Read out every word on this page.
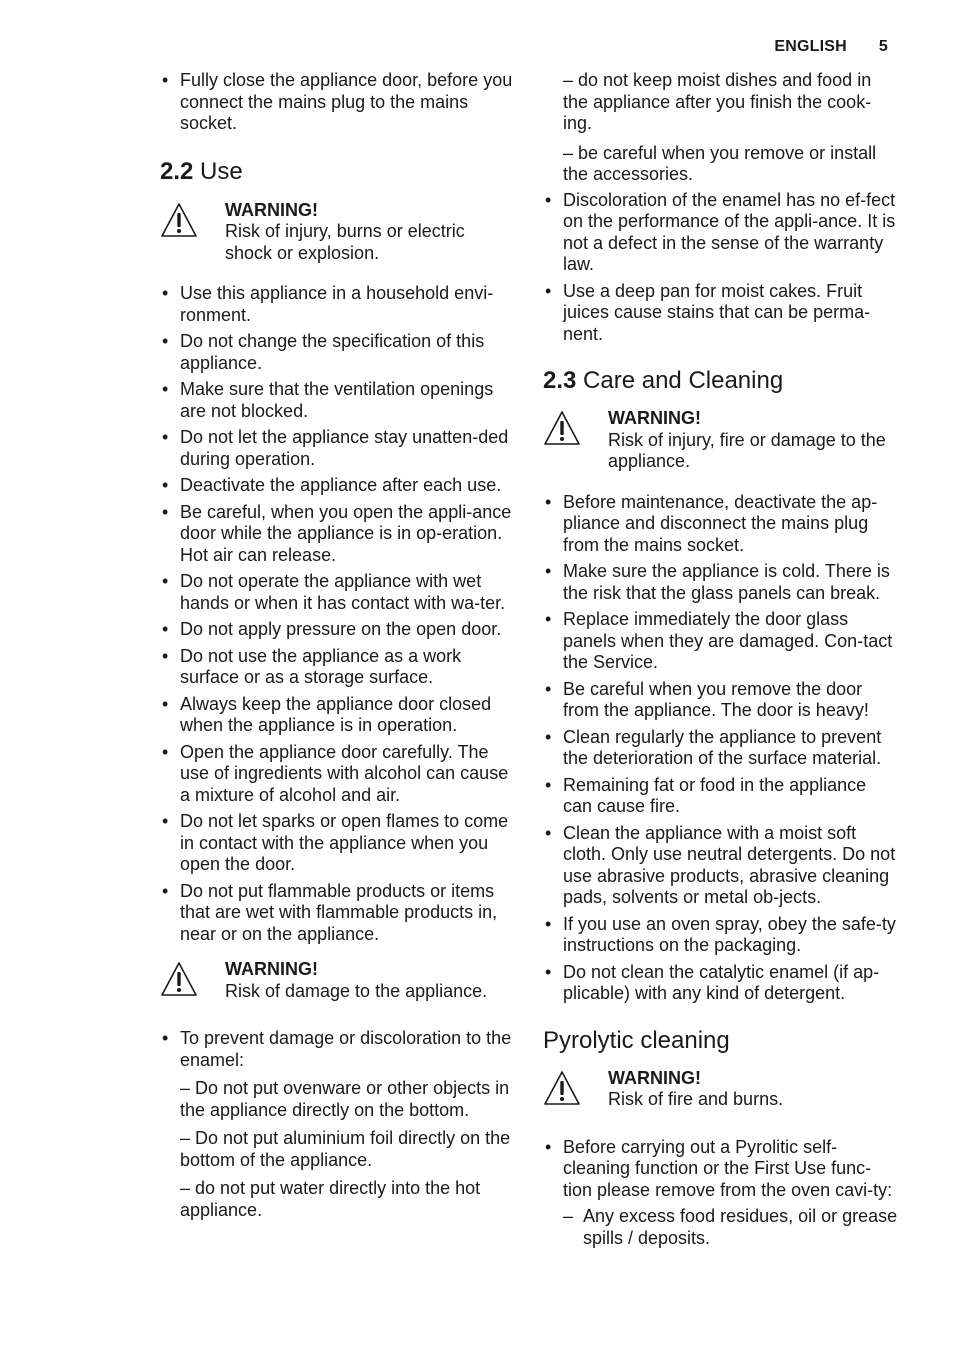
ENGLISH 5
• Fully close the appliance door, before you connect the mains plug to the mains socket.
2.2 Use
WARNING!
Risk of injury, burns or electric shock or explosion.
• Use this appliance in a household envi-ronment.
• Do not change the specification of this appliance.
• Make sure that the ventilation openings are not blocked.
• Do not let the appliance stay unatten-ded during operation.
• Deactivate the appliance after each use.
• Be careful, when you open the appli-ance door while the appliance is in op-eration. Hot air can release.
• Do not operate the appliance with wet hands or when it has contact with wa-ter.
• Do not apply pressure on the open door.
• Do not use the appliance as a work surface or as a storage surface.
• Always keep the appliance door closed when the appliance is in operation.
• Open the appliance door carefully. The use of ingredients with alcohol can cause a mixture of alcohol and air.
• Do not let sparks or open flames to come in contact with the appliance when you open the door.
• Do not put flammable products or items that are wet with flammable products in, near or on the appliance.
WARNING!
Risk of damage to the appliance.
• To prevent damage or discoloration to the enamel:

– Do not put ovenware or other objects in the appliance directly on the bottom.

– Do not put aluminium foil directly on the bottom of the appliance.

– do not put water directly into the hot appliance.

– do not keep moist dishes and food in the appliance after you finish the cook-ing.

– be careful when you remove or install the accessories.

• Discoloration of the enamel has no ef-fect on the performance of the appli-ance. It is not a defect in the sense of the warranty law.
• Use a deep pan for moist cakes. Fruit juices cause stains that can be perma-nent.
2.3 Care and Cleaning
WARNING!
Risk of injury, fire or damage to the appliance.
• Before maintenance, deactivate the ap-pliance and disconnect the mains plug from the mains socket.
• Make sure the appliance is cold. There is the risk that the glass panels can break.
• Replace immediately the door glass panels when they are damaged. Con-tact the Service.
• Be careful when you remove the door from the appliance. The door is heavy!
• Clean regularly the appliance to prevent the deterioration of the surface material.
• Remaining fat or food in the appliance can cause fire.
• Clean the appliance with a moist soft cloth. Only use neutral detergents. Do not use abrasive products, abrasive cleaning pads, solvents or metal ob-jects.
• If you use an oven spray, obey the safe-ty instructions on the packaging.
• Do not clean the catalytic enamel (if ap-plicable) with any kind of detergent.
Pyrolytic cleaning
WARNING!
Risk of fire and burns.
• Before carrying out a Pyrolitic self-cleaning function or the First Use func-tion please remove from the oven cavi-ty:
– Any excess food residues, oil or grease spills / deposits.
